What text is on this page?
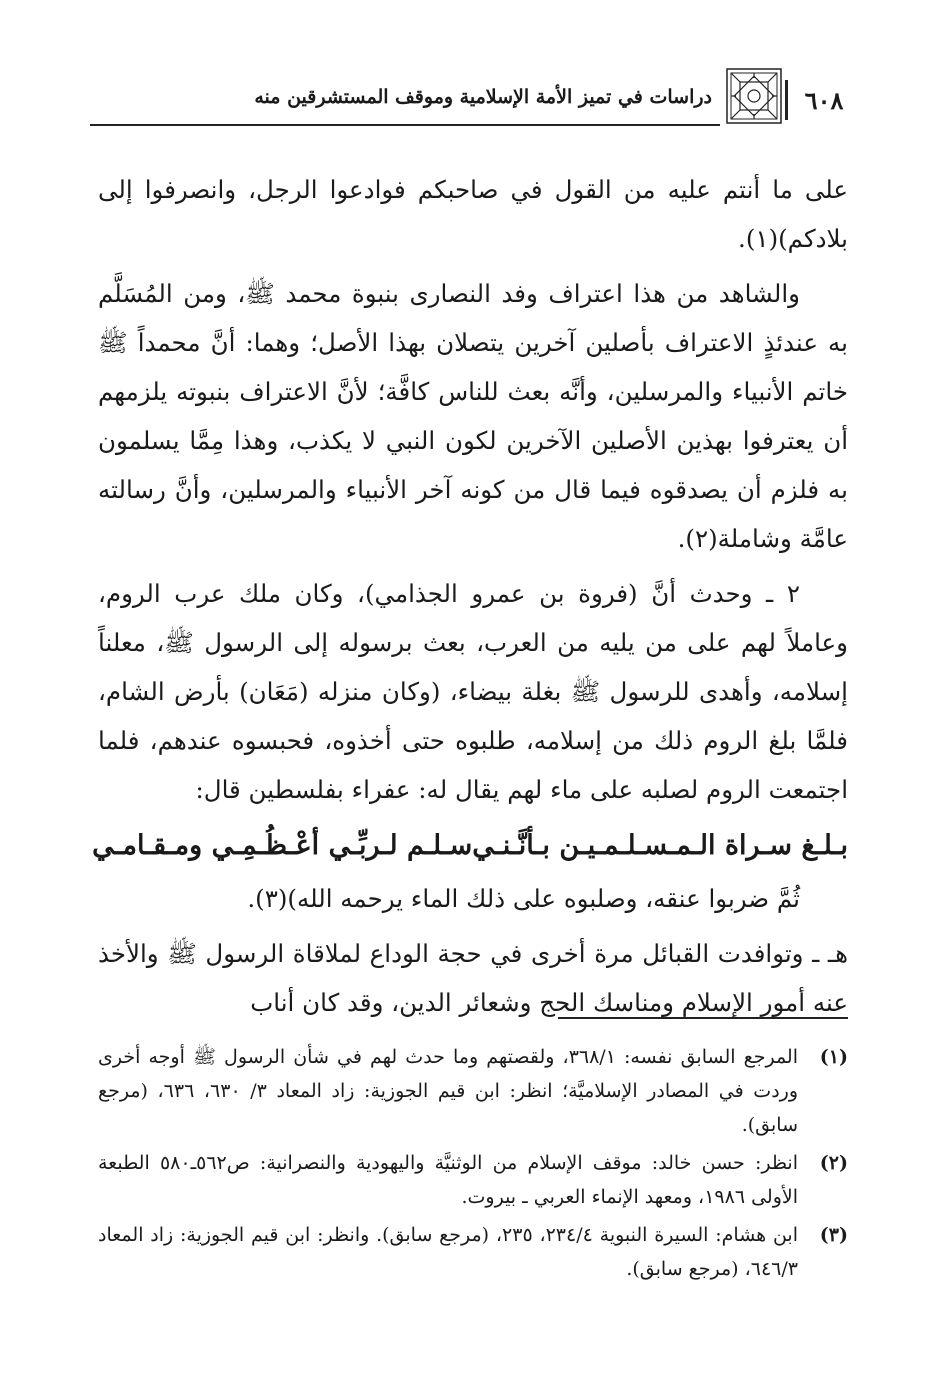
٦٠٨
دراسات في تميز الأمة الإسلامية وموقف المستشرقين منه

على ما أنتم عليه من القول في صاحبكم فوادعوا الرجل، وانصرفوا إلى بلادكم)(١).

والشاهد من هذا اعتراف وفد النصارى بنبوة محمد ﷺ، ومن المُسَلَّم به عندئذٍ الاعتراف بأصلين آخرين يتصلان بهذا الأصل؛ وهما: أنَّ محمداً ﷺ خاتم الأنبياء والمرسلين، وأنَّه بعث للناس كافَّة؛ لأنَّ الاعتراف بنبوته يلزمهم أن يعترفوا بهذين الأصلين الآخرين لكون النبي لا يكذب، وهذا مِمَّا يسلمون به فلزم أن يصدقوه فيما قال من كونه آخر الأنبياء والمرسلين، وأنَّ رسالته عامَّة وشاملة(٢).

٢ ـ وحدث أنَّ (فروة بن عمرو الجذامي)، وكان ملك عرب الروم، وعاملاً لهم على من يليه من العرب، بعث برسوله إلى الرسول ﷺ، معلناً إسلامه، وأهدى للرسول ﷺ بغلة بيضاء، (وكان منزله (مَعَان) بأرض الشام، فلمَّا بلغ الروم ذلك من إسلامه، طلبوه حتى أخذوه، فحبسوه عندهم، فلما اجتمعت الروم لصلبه على ماء لهم يقال له: عفراء بفلسطين قال:

بـلـغ سـراة الـمـسـلـمـيـن بـأنَّـنـي
سـلـم لـربِّـي أعْـظُـمِـي ومـقـامـي

ثُمَّ ضربوا عنقه، وصلبوه على ذلك الماء يرحمه الله)(٣).

هـ ـ وتوافدت القبائل مرة أخرى في حجة الوداع لملاقاة الرسول ﷺ والأخذ عنه أمور الإسلام ومناسك الحج وشعائر الدين، وقد كان أناب

(١)
المرجع السابق نفسه: ٣٦٨/١، ولقصتهم وما حدث لهم في شأن الرسول ﷺ أوجه أخرى وردت في المصادر الإسلاميَّة؛ انظر: ابن قيم الجوزية: زاد المعاد ٣/ ٦٣٠، ٦٣٦، (مرجع سابق).
(٢)
انظر: حسن خالد: موقف الإسلام من الوثنيَّة واليهودية والنصرانية: ص٥٦٢ـ٥٨٠ الطبعة الأولى ١٩٨٦، ومعهد الإنماء العربي ـ بيروت.
(٣)
ابن هشام: السيرة النبوية ٢٣٤/٤، ٢٣٥، (مرجع سابق). وانظر: ابن قيم الجوزية: زاد المعاد ٦٤٦/٣، (مرجع سابق).
